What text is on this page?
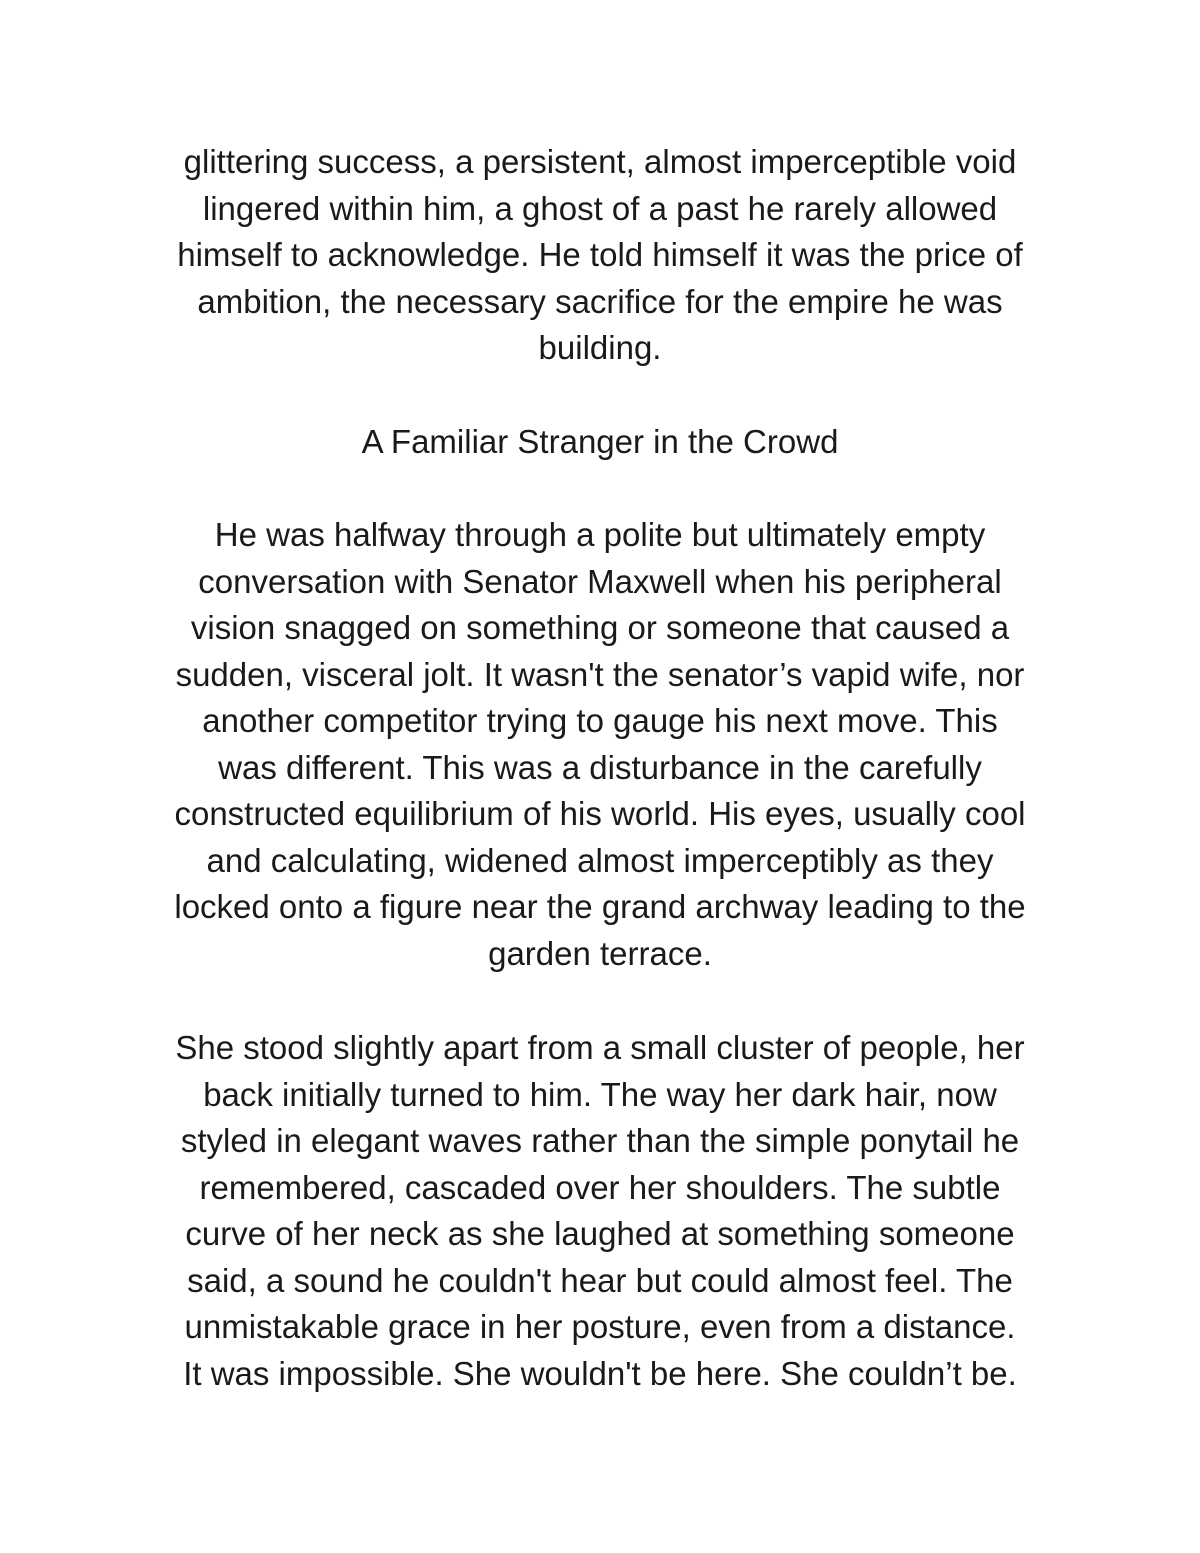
glittering success, a persistent, almost imperceptible void
lingered within him, a ghost of a past he rarely allowed
himself to acknowledge. He told himself it was the price of
ambition, the necessary sacrifice for the empire he was
building.
A Familiar Stranger in the Crowd
He was halfway through a polite but ultimately empty
conversation with Senator Maxwell when his peripheral
vision snagged on something or someone that caused a
sudden, visceral jolt. It wasn't the senator’s vapid wife, nor
another competitor trying to gauge his next move. This
was different. This was a disturbance in the carefully
constructed equilibrium of his world. His eyes, usually cool
and calculating, widened almost imperceptibly as they
locked onto a figure near the grand archway leading to the
garden terrace.
She stood slightly apart from a small cluster of people, her
back initially turned to him. The way her dark hair, now
styled in elegant waves rather than the simple ponytail he
remembered, cascaded over her shoulders. The subtle
curve of her neck as she laughed at something someone
said, a sound he couldn't hear but could almost feel. The
unmistakable grace in her posture, even from a distance.
It was impossible. She wouldn't be here. She couldn’t be.
